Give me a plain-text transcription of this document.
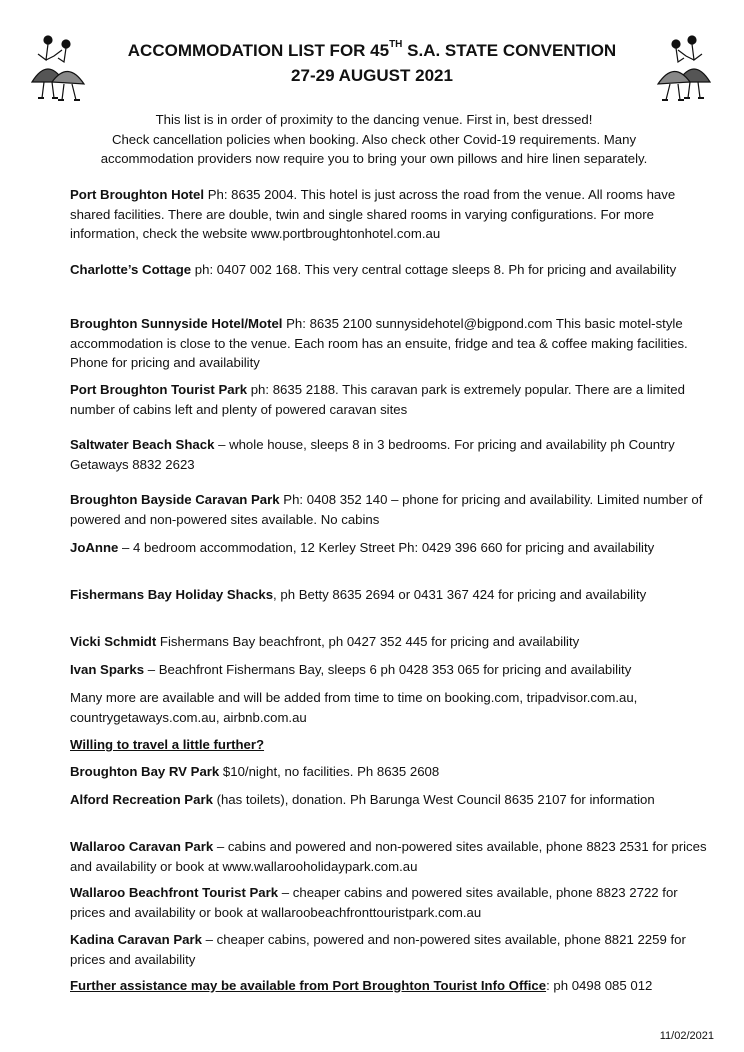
ACCOMMODATION LIST FOR 45TH S.A. STATE CONVENTION
27-29 AUGUST 2021
This list is in order of proximity to the dancing venue. First in, best dressed!
Check cancellation policies when booking. Also check other Covid-19 requirements. Many
accommodation providers now require you to bring your own pillows and hire linen separately.
Port Broughton Hotel Ph: 8635 2004. This hotel is just across the road from the venue. All rooms have shared facilities. There are double, twin and single shared rooms in varying configurations. For more information, check the website www.portbroughtonhotel.com.au
Charlotte’s Cottage ph: 0407 002 168. This very central cottage sleeps 8. Ph for pricing and availability
Broughton Sunnyside Hotel/Motel Ph: 8635 2100 sunnysidehotel@bigpond.com This basic motel-style accommodation is close to the venue. Each room has an ensuite, fridge and tea & coffee making facilities. Phone for pricing and availability
Port Broughton Tourist Park ph: 8635 2188. This caravan park is extremely popular. There are a limited number of cabins left and plenty of powered caravan sites
Saltwater Beach Shack – whole house, sleeps 8 in 3 bedrooms. For pricing and availability ph Country Getaways 8832 2623
Broughton Bayside Caravan Park Ph: 0408 352 140 – phone for pricing and availability. Limited number of powered and non-powered sites available. No cabins
JoAnne – 4 bedroom accommodation, 12 Kerley Street Ph: 0429 396 660 for pricing and availability
Fishermans Bay Holiday Shacks, ph Betty 8635 2694 or 0431 367 424 for pricing and availability
Vicki Schmidt Fishermans Bay beachfront, ph 0427 352 445 for pricing and availability
Ivan Sparks – Beachfront Fishermans Bay, sleeps 6 ph 0428 353 065 for pricing and availability
Many more are available and will be added from time to time on booking.com, tripadvisor.com.au, countrygetaways.com.au, airbnb.com.au
Willing to travel a little further?
Broughton Bay RV Park $10/night, no facilities. Ph 8635 2608
Alford Recreation Park (has toilets), donation. Ph Barunga West Council 8635 2107 for information
Wallaroo Caravan Park – cabins and powered and non-powered sites available, phone 8823 2531 for prices and availability or book at www.wallarooholidaypark.com.au
Wallaroo Beachfront Tourist Park – cheaper cabins and powered sites available, phone 8823 2722 for prices and availability or book at wallaroobeachfronttouristpark.com.au
Kadina Caravan Park – cheaper cabins, powered and non-powered sites available, phone 8821 2259 for prices and availability
Further assistance may be available from Port Broughton Tourist Info Office: ph 0498 085 012
11/02/2021
